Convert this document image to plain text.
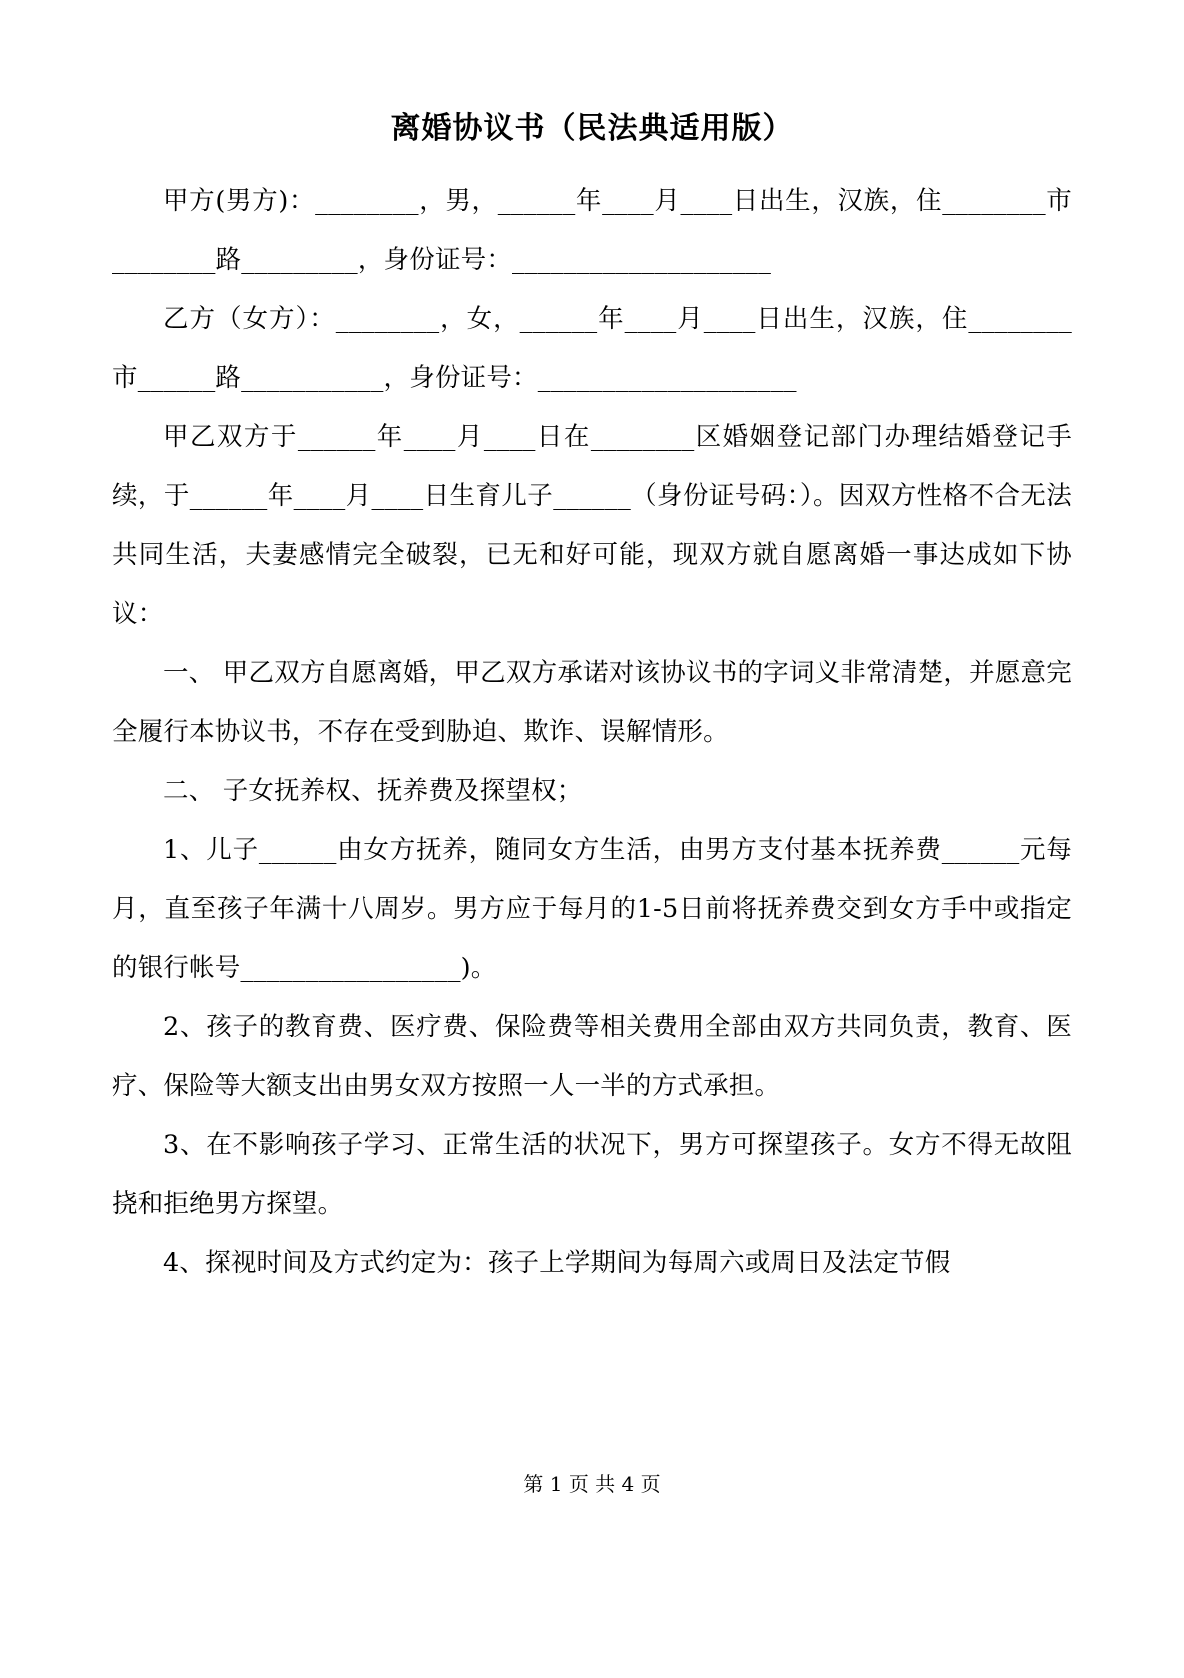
离婚协议书（民法典适用版）

甲方(男方)：________，男，______年____月____日出生，汉族，住________市________路_________，身份证号：____________________

乙方（女方）：________，女，______年____月____日出生，汉族，住________市______路___________，身份证号：____________________

甲乙双方于______年____月____日在________区婚姻登记部门办理结婚登记手续，于______年____月____日生育儿子______（身份证号码：）。因双方性格不合无法共同生活，夫妻感情完全破裂，已无和好可能，现双方就自愿离婚一事达成如下协议：

一、 甲乙双方自愿离婚，甲乙双方承诺对该协议书的字词义非常清楚，并愿意完全履行本协议书，不存在受到胁迫、欺诈、误解情形。

二、 子女抚养权、抚养费及探望权；

1、儿子______由女方抚养，随同女方生活，由男方支付基本抚养费______元每月，直至孩子年满十八周岁。男方应于每月的1-5日前将抚养费交到女方手中或指定的银行帐号_________________)。

2、孩子的教育费、医疗费、保险费等相关费用全部由双方共同负责，教育、医疗、保险等大额支出由男女双方按照一人一半的方式承担。

3、在不影响孩子学习、正常生活的状况下，男方可探望孩子。女方不得无故阻挠和拒绝男方探望。

4、探视时间及方式约定为：孩子上学期间为每周六或周日及法定节假

第 1 页 共 4 页
